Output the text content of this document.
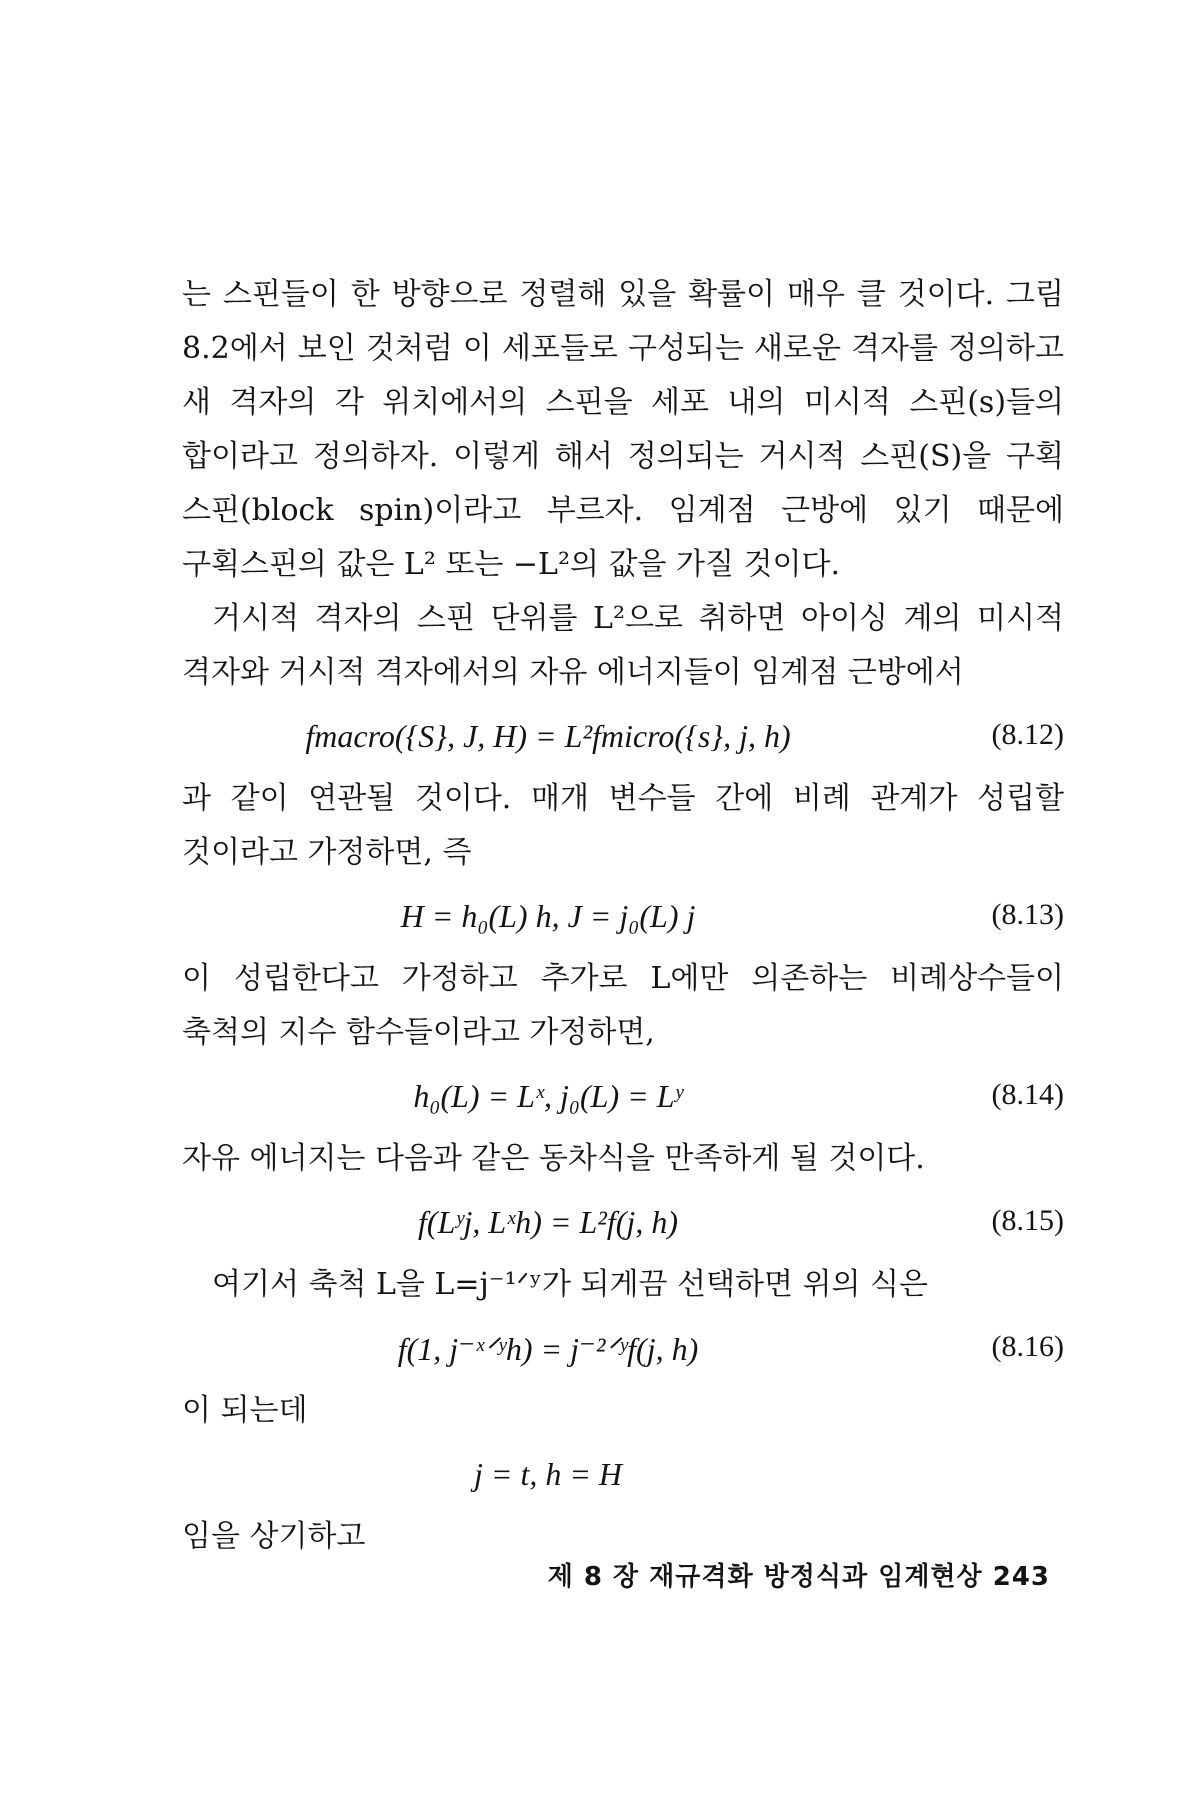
는 스핀들이 한 방향으로 정렬해 있을 확률이 매우 클 것이다. 그림 8.2에서 보인 것처럼 이 세포들로 구성되는 새로운 격자를 정의하고 새 격자의 각 위치에서의 스핀을 세포 내의 미시적 스핀(s)들의 합이라고 정의하자. 이렇게 해서 정의되는 거시적 스핀(S)을 구획 스핀(block spin)이라고 부르자. 임계점 근방에 있기 때문에 구획스핀의 값은 L² 또는 −L²의 값을 가질 것이다.

거시적 격자의 스핀 단위를 L²으로 취하면 아이싱 계의 미시적 격자와 거시적 격자에서의 자유 에너지들이 임계점 근방에서

fmacro({S}, J, H) = L²fmicro({s}, j, h)	(8.12)

과 같이 연관될 것이다. 매개 변수들 간에 비례 관계가 성립할 것이라고 가정하면, 즉

H = h₀(L) h, J = j₀(L) j	(8.13)

이 성립한다고 가정하고 추가로 L에만 의존하는 비례상수들이 축척의 지수 함수들이라고 가정하면,

h₀(L) = Lˣ, j₀(L) = Lʸ	(8.14)

자유 에너지는 다음과 같은 동차식을 만족하게 될 것이다.

f(Lʸj, Lˣh) = L²f(j, h)	(8.15)

여기서 축척 L을 L=j⁻¹ᐟʸ가 되게끔 선택하면 위의 식은

f(1, j⁻ˣᐟʸh) = j⁻²ᐟʸf(j, h)	(8.16)

이 되는데

j = t, h = H

임을 상기하고

제 8 장 재규격화 방정식과 임계현상 243
